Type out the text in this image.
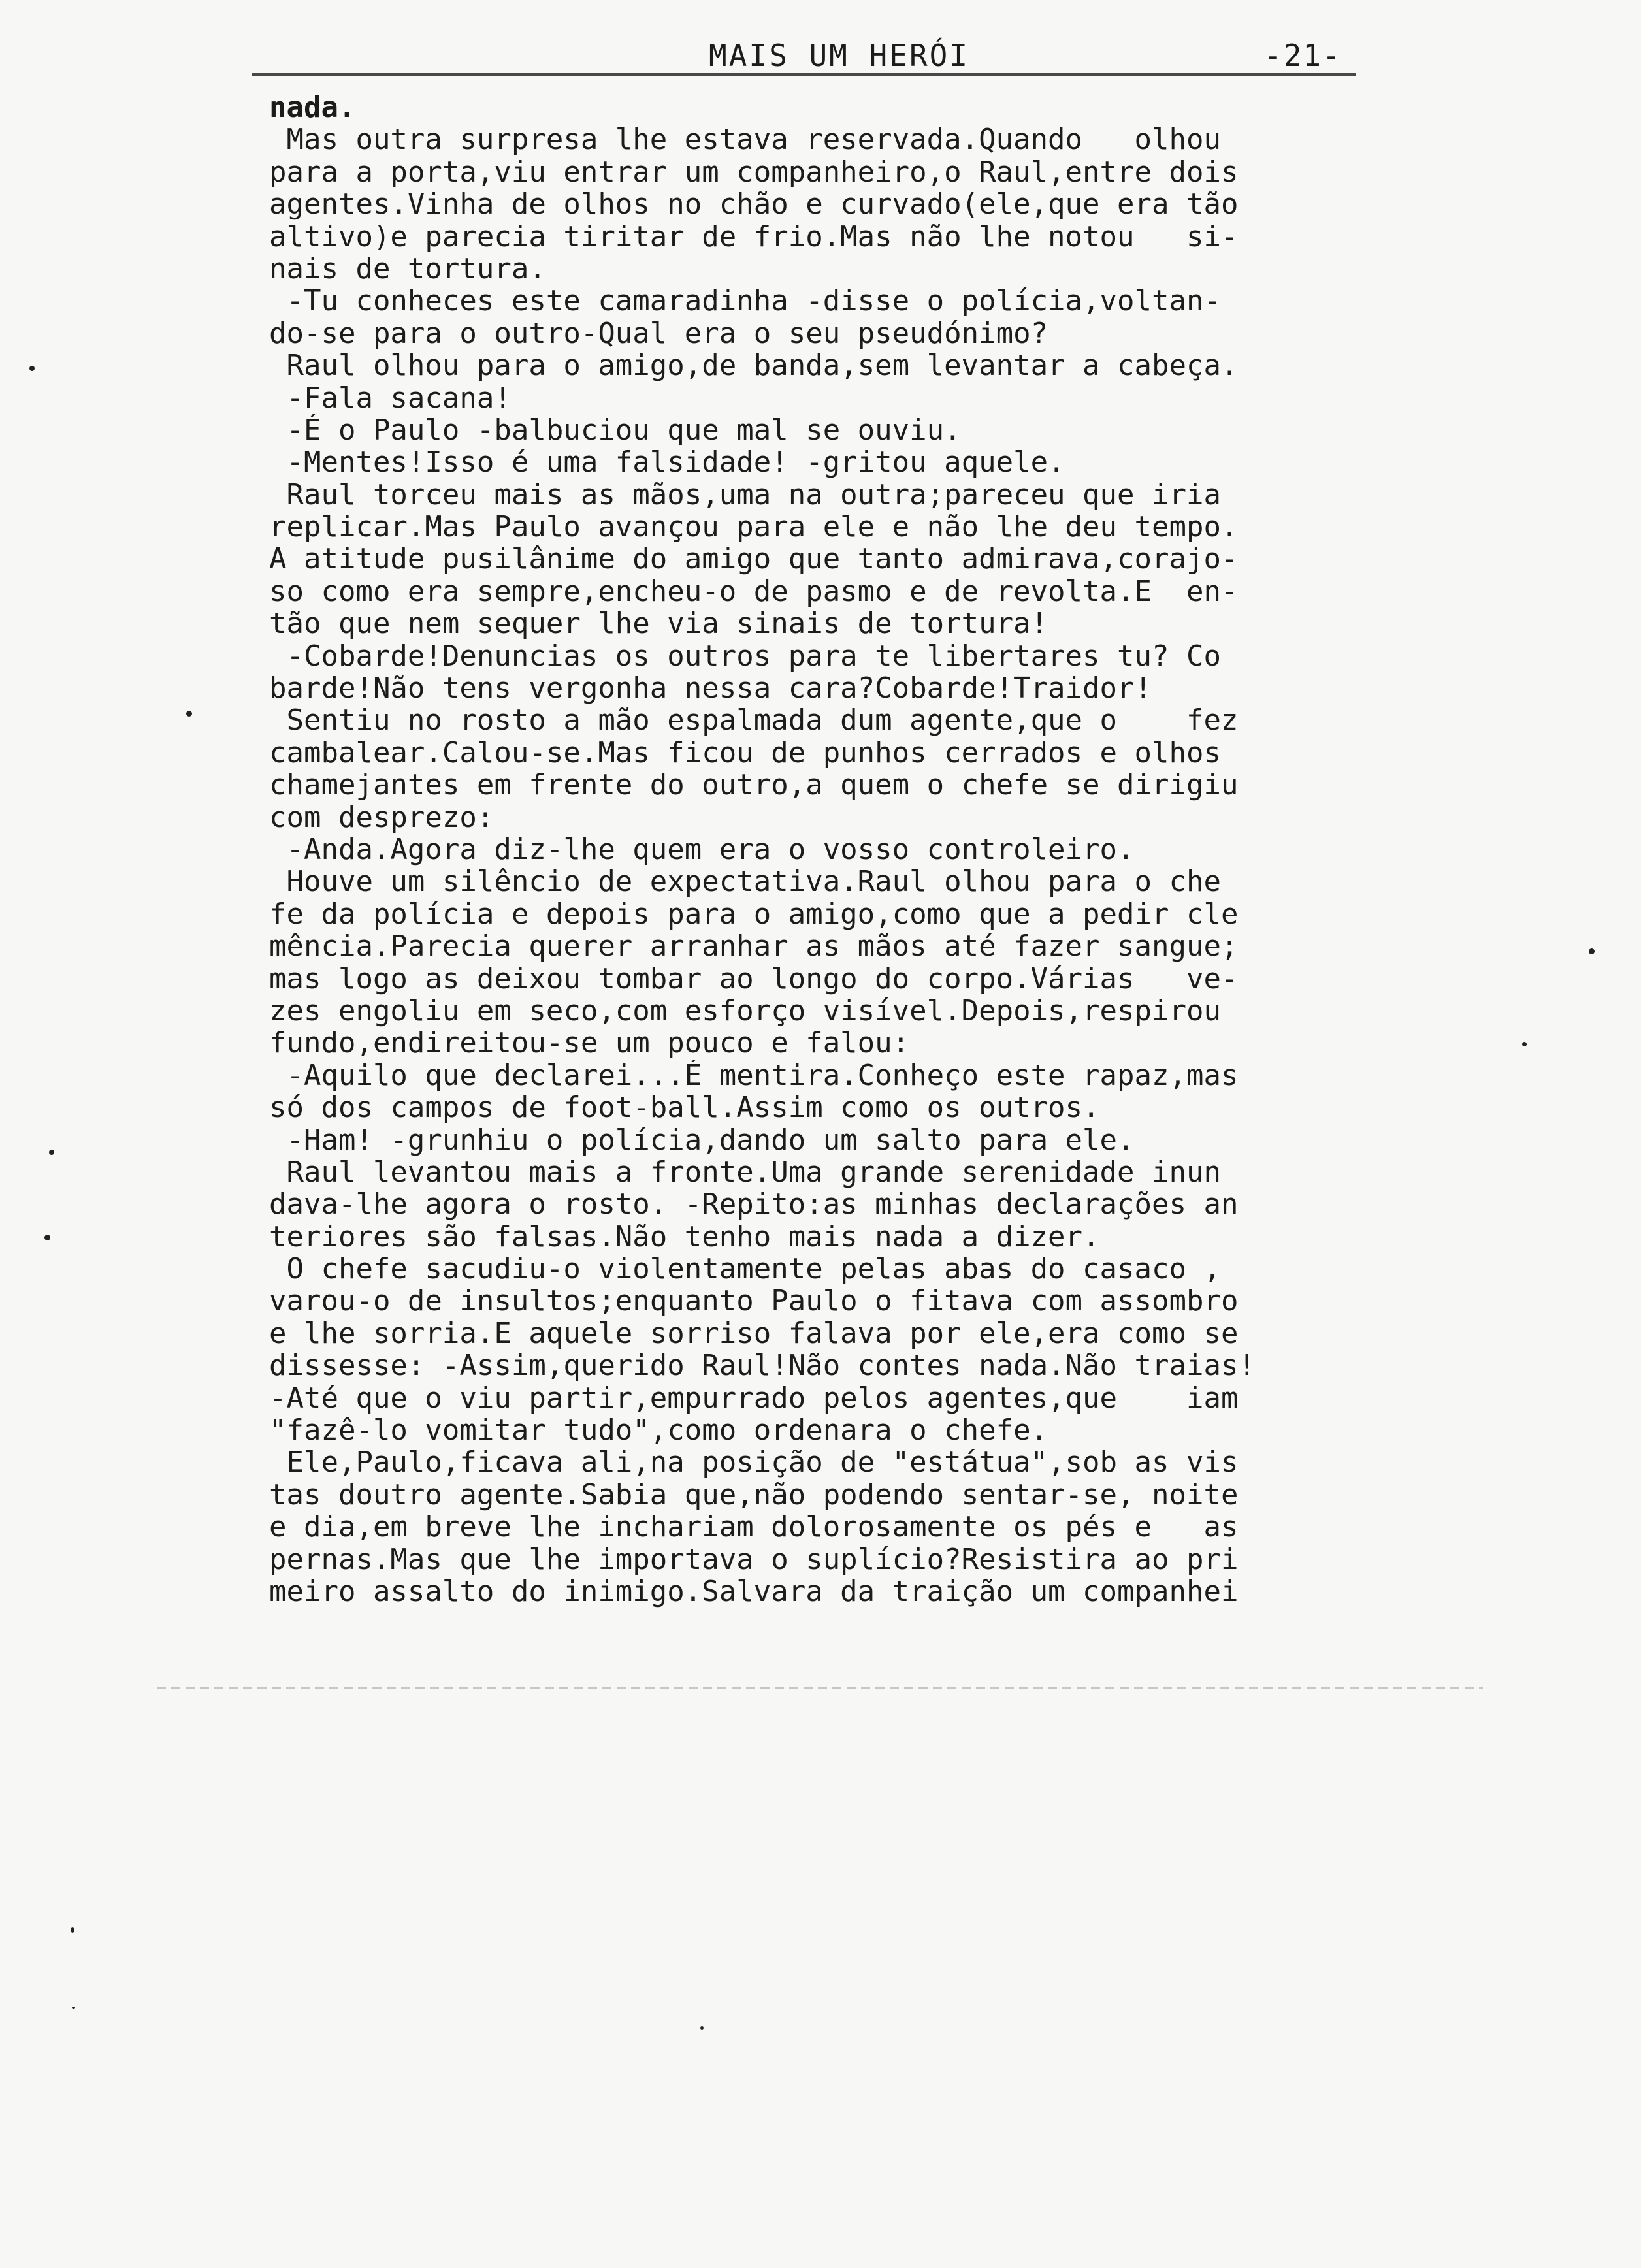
MAIS UM HERÓI	-21-
nada.
Mas outra surpresa lhe estava reservada.Quando   olhou
para a porta,viu entrar um companheiro,o Raul,entre dois
agentes.Vinha de olhos no chão e curvado(ele,que era tão
altivo)e parecia tiritar de frio.Mas não lhe notou   si-
nais de tortura.
-Tu conheces este camaradinha -disse o polícia,voltan-
do-se para o outro-Qual era o seu pseudónimo?
Raul olhou para o amigo,de banda,sem levantar a cabeça.
-Fala sacana!
-É o Paulo -balbuciou que mal se ouviu.
-Mentes!Isso é uma falsidade! -gritou aquele.
Raul torceu mais as mãos,uma na outra;pareceu que iria
replicar.Mas Paulo avançou para ele e não lhe deu tempo.
A atitude pusilânime do amigo que tanto admirava,corajo-
so como era sempre,encheu-o de pasmo e de revolta.E  en-
tão que nem sequer lhe via sinais de tortura!
-Cobarde!Denuncias os outros para te libertares tu? Co
barde!Não tens vergonha nessa cara?Cobarde!Traidor!
Sentiu no rosto a mão espalmada dum agente,que o    fez
cambalear.Calou-se.Mas ficou de punhos cerrados e olhos
chamejantes em frente do outro,a quem o chefe se dirigiu
com desprezo:
-Anda.Agora diz-lhe quem era o vosso controleiro.
Houve um silêncio de expectativa.Raul olhou para o che
fe da polícia e depois para o amigo,como que a pedir cle
mência.Parecia querer arranhar as mãos até fazer sangue;
mas logo as deixou tombar ao longo do corpo.Várias   ve-
zes engoliu em seco,com esforço visível.Depois,respirou
fundo,endireitou-se um pouco e falou:
-Aquilo que declarei...É mentira.Conheço este rapaz,mas
só dos campos de foot-ball.Assim como os outros.
-Ham! -grunhiu o polícia,dando um salto para ele.
Raul levantou mais a fronte.Uma grande serenidade inun
dava-lhe agora o rosto. -Repito:as minhas declarações an
teriores são falsas.Não tenho mais nada a dizer.
O chefe sacudiu-o violentamente pelas abas do casaco ,
varou-o de insultos;enquanto Paulo o fitava com assombro
e lhe sorria.E aquele sorriso falava por ele,era como se
dissesse: -Assim,querido Raul!Não contes nada.Não traias!
-Até que o viu partir,empurrado pelos agentes,que    iam
"fazê-lo vomitar tudo",como ordenara o chefe.
Ele,Paulo,ficava ali,na posição de "estátua",sob as vis
tas doutro agente.Sabia que,não podendo sentar-se, noite
e dia,em breve lhe inchariam dolorosamente os pés e   as
pernas.Mas que lhe importava o suplício?Resistira ao pri
meiro assalto do inimigo.Salvara da traição um companhei
